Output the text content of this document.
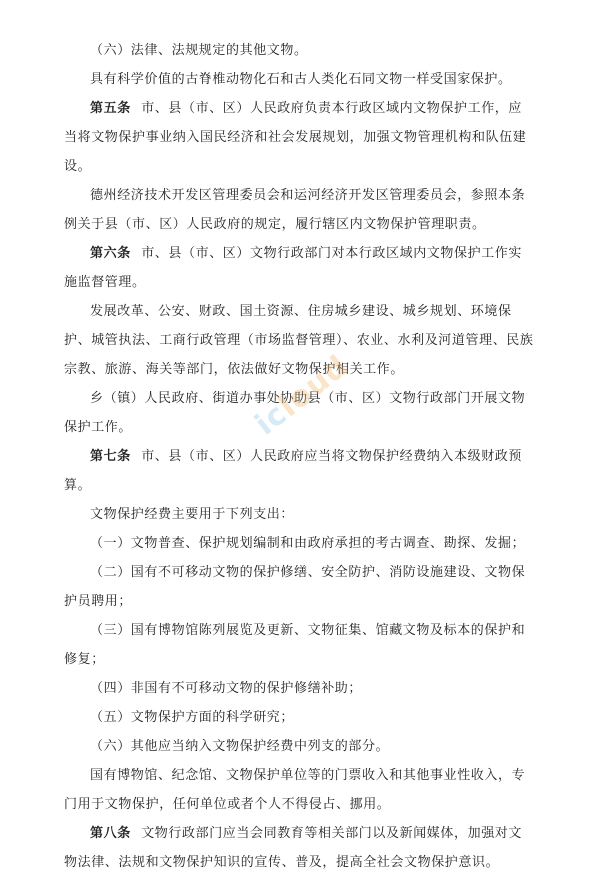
（六）法律、法规规定的其他文物。

具有科学价值的古脊椎动物化石和古人类化石同文物一样受国家保护。

第五条 市、县（市、区）人民政府负责本行政区域内文物保护工作，应当将文物保护事业纳入国民经济和社会发展规划，加强文物管理机构和队伍建设。

德州经济技术开发区管理委员会和运河经济开发区管理委员会，参照本条例关于县（市、区）人民政府的规定，履行辖区内文物保护管理职责。

第六条 市、县（市、区）文物行政部门对本行政区域内文物保护工作实施监督管理。

发展改革、公安、财政、国土资源、住房城乡建设、城乡规划、环境保护、城管执法、工商行政管理（市场监督管理）、农业、水利及河道管理、民族宗教、旅游、海关等部门，依法做好文物保护相关工作。

乡（镇）人民政府、街道办事处协助县（市、区）文物行政部门开展文物保护工作。

第七条 市、县（市、区）人民政府应当将文物保护经费纳入本级财政预算。

文物保护经费主要用于下列支出：

（一）文物普查、保护规划编制和由政府承担的考古调查、勘探、发掘；

（二）国有不可移动文物的保护修缮、安全防护、消防设施建设、文物保护员聘用；

（三）国有博物馆陈列展览及更新、文物征集、馆藏文物及标本的保护和修复；

（四）非国有不可移动文物的保护修缮补助；

（五）文物保护方面的科学研究；

（六）其他应当纳入文物保护经费中列支的部分。

国有博物馆、纪念馆、文物保护单位等的门票收入和其他事业性收入，专门用于文物保护，任何单位或者个人不得侵占、挪用。

第八条 文物行政部门应当会同教育等相关部门以及新闻媒体，加强对文物法律、法规和文物保护知识的宣传、普及，提高全社会文物保护意识。

icloud
